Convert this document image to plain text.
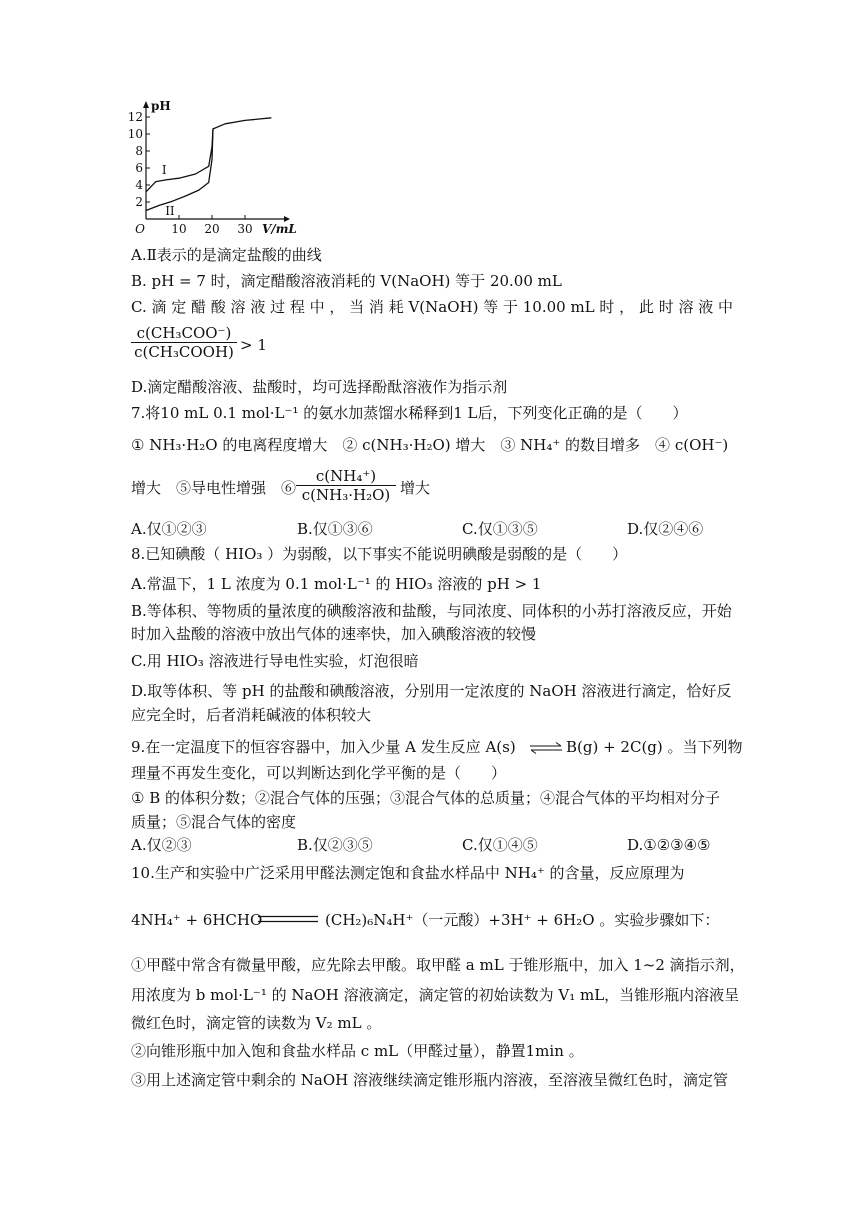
2
4
6
8
10
12
10 20 30
O
pH
V/mL
I
II
A.Ⅱ表示的是滴定盐酸的曲线
B. pH = 7 时，滴定醋酸溶液消耗的 V(NaOH) 等于 20.00 mL
C. 滴 定 醋 酸 溶 液 过 程 中 ， 当 消 耗 V(NaOH) 等 于 10.00 mL 时 ， 此 时 溶 液 中
c(CH₃COO⁻)
c(CH₃COOH) > 1
D.滴定醋酸溶液、盐酸时，均可选择酚酞溶液作为指示剂
7.将10 mL 0.1 mol·L⁻¹ 的氨水加蒸馏水稀释到1 L后，下列变化正确的是（　　）
① NH₃·H₂O 的电离程度增大　② c(NH₃·H₂O) 增大　③ NH₄⁺ 的数目增多　④ c(OH⁻)
增大　⑤导电性增强　⑥ $\frac{\text{c(NH₄⁺)}}{\text{c(NH₃·H₂O)}}$ 增大
A.仅①②③	B.仅①③⑥	C.仅①③⑤	D.仅②④⑥
8.已知碘酸（ HIO₃ ）为弱酸，以下事实不能说明碘酸是弱酸的是（　　）
A.常温下，1 L 浓度为 0.1 mol·L⁻¹ 的 HIO₃ 溶液的 pH > 1
B.等体积、等物质的量浓度的碘酸溶液和盐酸，与同浓度、同体积的小苏打溶液反应，开始
时加入盐酸的溶液中放出气体的速率快，加入碘酸溶液的较慢
C.用 HIO₃ 溶液进行导电性实验，灯泡很暗
D.取等体积、等 pH 的盐酸和碘酸溶液，分别用一定浓度的 NaOH 溶液进行滴定，恰好反
应完全时，后者消耗碱液的体积较大
9.在一定温度下的恒容容器中，加入少量 A 发生反应 A(s) ⇌ B(g) + 2C(g) 。当下列物
理量不再发生变化，可以判断达到化学平衡的是（　　）
① B 的体积分数；②混合气体的压强；③混合气体的总质量；④混合气体的平均相对分子
质量；⑤混合气体的密度
A.仅②③	B.仅②③⑤	C.仅①④⑤	D.①②③④⑤
10.生产和实验中广泛采用甲醛法测定饱和食盐水样品中 NH₄⁺ 的含量，反应原理为
4NH₄⁺ + 6HCHO	(CH₂)₆N₄H⁺（一元酸）+3H⁺ + 6H₂O 。实验步骤如下：
①甲醛中常含有微量甲酸，应先除去甲酸。取甲醛 a mL 于锥形瓶中，加入 1~2 滴指示剂，
用浓度为 b mol·L⁻¹ 的 NaOH 溶液滴定，滴定管的初始读数为 V₁ mL，当锥形瓶内溶液呈
微红色时，滴定管的读数为 V₂ mL 。
②向锥形瓶中加入饱和食盐水样品 c mL（甲醛过量），静置1min 。
③用上述滴定管中剩余的 NaOH 溶液继续滴定锥形瓶内溶液，至溶液呈微红色时，滴定管
